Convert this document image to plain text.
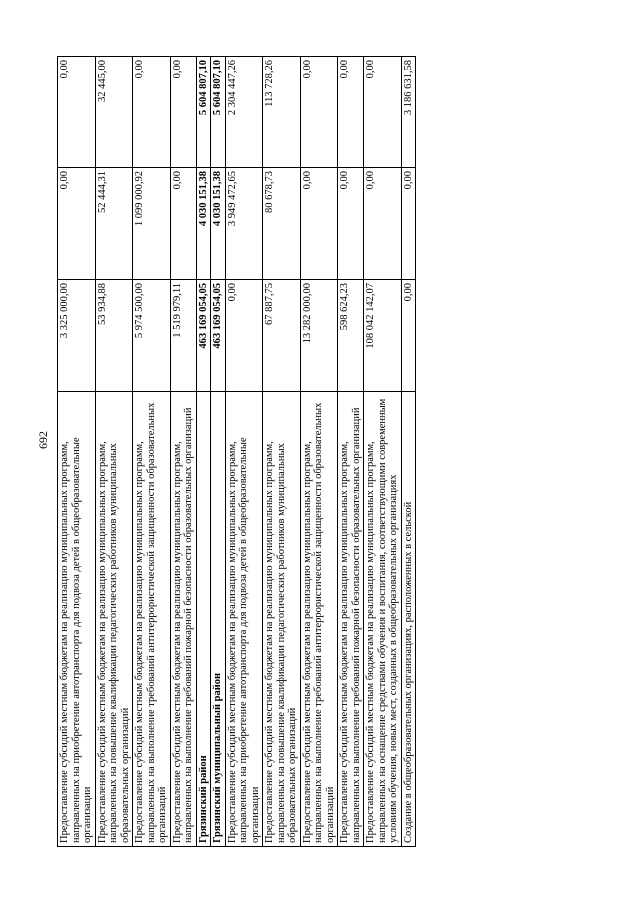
692
Предоставление субсидий местным бюджетам на реализацию муниципальных программ, направленных на приобретение автотранспорта для подвоза детей в общеобразовательные организации	3 325 000,00	0,00	0,00
Предоставление субсидий местным бюджетам на реализацию муниципальных программ, направленных на повышение квалификации педагогических работников муниципальных образовательных организаций	53 934,88	52 444,31	32 445,00
Предоставление субсидий местным бюджетам на реализацию муниципальных программ, направленных на выполнение требований антитеррористической защищенности образовательных организаций	5 974 500,00	1 099 000,92	0,00
Предоставление субсидий местным бюджетам на реализацию муниципальных программ, направленных на выполнение требований пожарной безопасности образовательных организаций	1 519 979,11	0,00	0,00
Грязинский район	463 169 054,05	4 030 151,38	5 604 807,10
Грязинский муниципальный район	463 169 054,05	4 030 151,38	5 604 807,10
Предоставление субсидий местным бюджетам на реализацию муниципальных программ, направленных на приобретение автотранспорта для подвоза детей в общеобразовательные организации	0,00	3 949 472,65	2 304 447,26
Предоставление субсидий местным бюджетам на реализацию муниципальных программ, направленных на повышение квалификации педагогических работников муниципальных образовательных организаций	67 887,75	80 678,73	113 728,26
Предоставление субсидий местным бюджетам на реализацию муниципальных программ, направленных на выполнение требований антитеррористической защищенности образовательных организаций	13 282 000,00	0,00	0,00
Предоставление субсидий местным бюджетам на реализацию муниципальных программ, направленных на выполнение требований пожарной безопасности образовательных организаций	598 624,23	0,00	0,00
Предоставление субсидий местным бюджетам на реализацию муниципальных программ, направленных на оснащение средствами обучения и воспитания, соответствующими современным условиям обучения, новых мест, созданных в общеобразовательных организациях	108 042 142,07	0,00	0,00
Создание в общеобразовательных организациях, расположенных в сельской	0,00	0,00	3 186 631,58
